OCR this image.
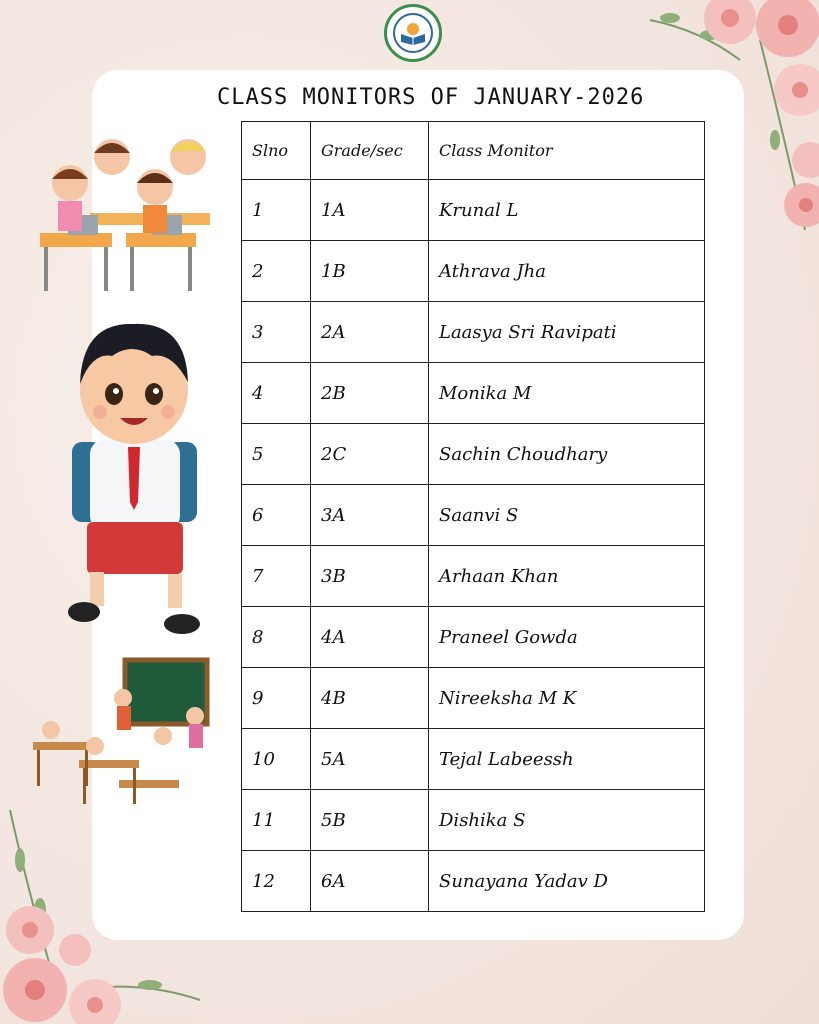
CLASS MONITORS OF JANUARY-2026
Slno	Grade/sec	Class Monitor
1	1A	Krunal L
2	1B	Athrava Jha
3	2A	Laasya Sri Ravipati
4	2B	Monika M
5	2C	Sachin Choudhary
6	3A	Saanvi S
7	3B	Arhaan Khan
8	4A	Praneel Gowda
9	4B	Nireeksha M K
10	5A	Tejal Labeessh
11	5B	Dishika S
12	6A	Sunayana Yadav D
